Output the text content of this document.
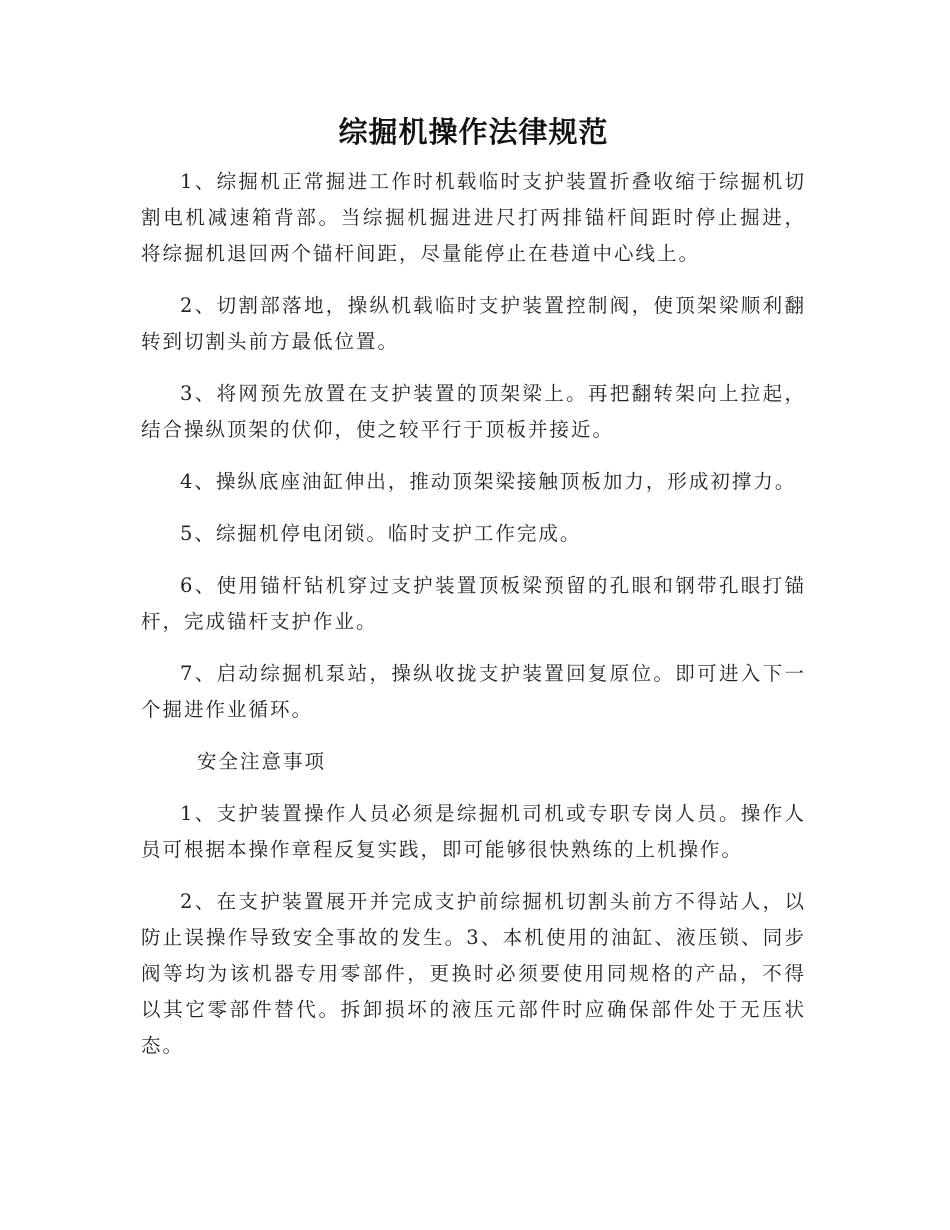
综掘机操作法律规范
1、综掘机正常掘进工作时机载临时支护装置折叠收缩于综掘机切割电机减速箱背部。当综掘机掘进进尺打两排锚杆间距时停止掘进，将综掘机退回两个锚杆间距，尽量能停止在巷道中心线上。
2、切割部落地，操纵机载临时支护装置控制阀，使顶架梁顺利翻转到切割头前方最低位置。
3、将网预先放置在支护装置的顶架梁上。再把翻转架向上拉起，结合操纵顶架的伏仰，使之较平行于顶板并接近。
4、操纵底座油缸伸出，推动顶架梁接触顶板加力，形成初撑力。
5、综掘机停电闭锁。临时支护工作完成。
6、使用锚杆钻机穿过支护装置顶板梁预留的孔眼和钢带孔眼打锚杆，完成锚杆支护作业。
7、启动综掘机泵站，操纵收拢支护装置回复原位。即可进入下一个掘进作业循环。
安全注意事项
1、支护装置操作人员必须是综掘机司机或专职专岗人员。操作人员可根据本操作章程反复实践，即可能够很快熟练的上机操作。
2、在支护装置展开并完成支护前综掘机切割头前方不得站人，以防止误操作导致安全事故的发生。3、本机使用的油缸、液压锁、同步阀等均为该机器专用零部件，更换时必须要使用同规格的产品，不得以其它零部件替代。拆卸损坏的液压元部件时应确保部件处于无压状态。
